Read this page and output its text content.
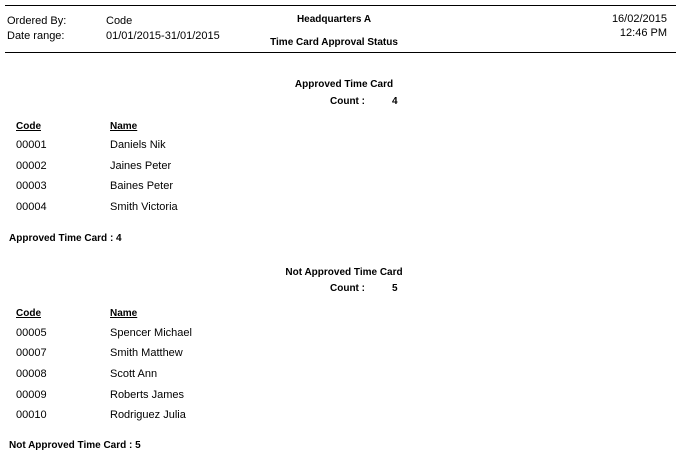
Ordered By:	Code
Date range:	01/01/2015-31/01/2015
Headquarters A
Time Card Approval Status
16/02/2015
12:46 PM
Approved Time Card
Count :	4
Code	Name
00001	Daniels Nik
00002	Jaines Peter
00003	Baines Peter
00004	Smith Victoria
Approved Time Card : 4
Not Approved Time Card
Count :	5
Code	Name
00005	Spencer Michael
00007	Smith Matthew
00008	Scott Ann
00009	Roberts James
00010	Rodriguez Julia
Not Approved Time Card : 5
